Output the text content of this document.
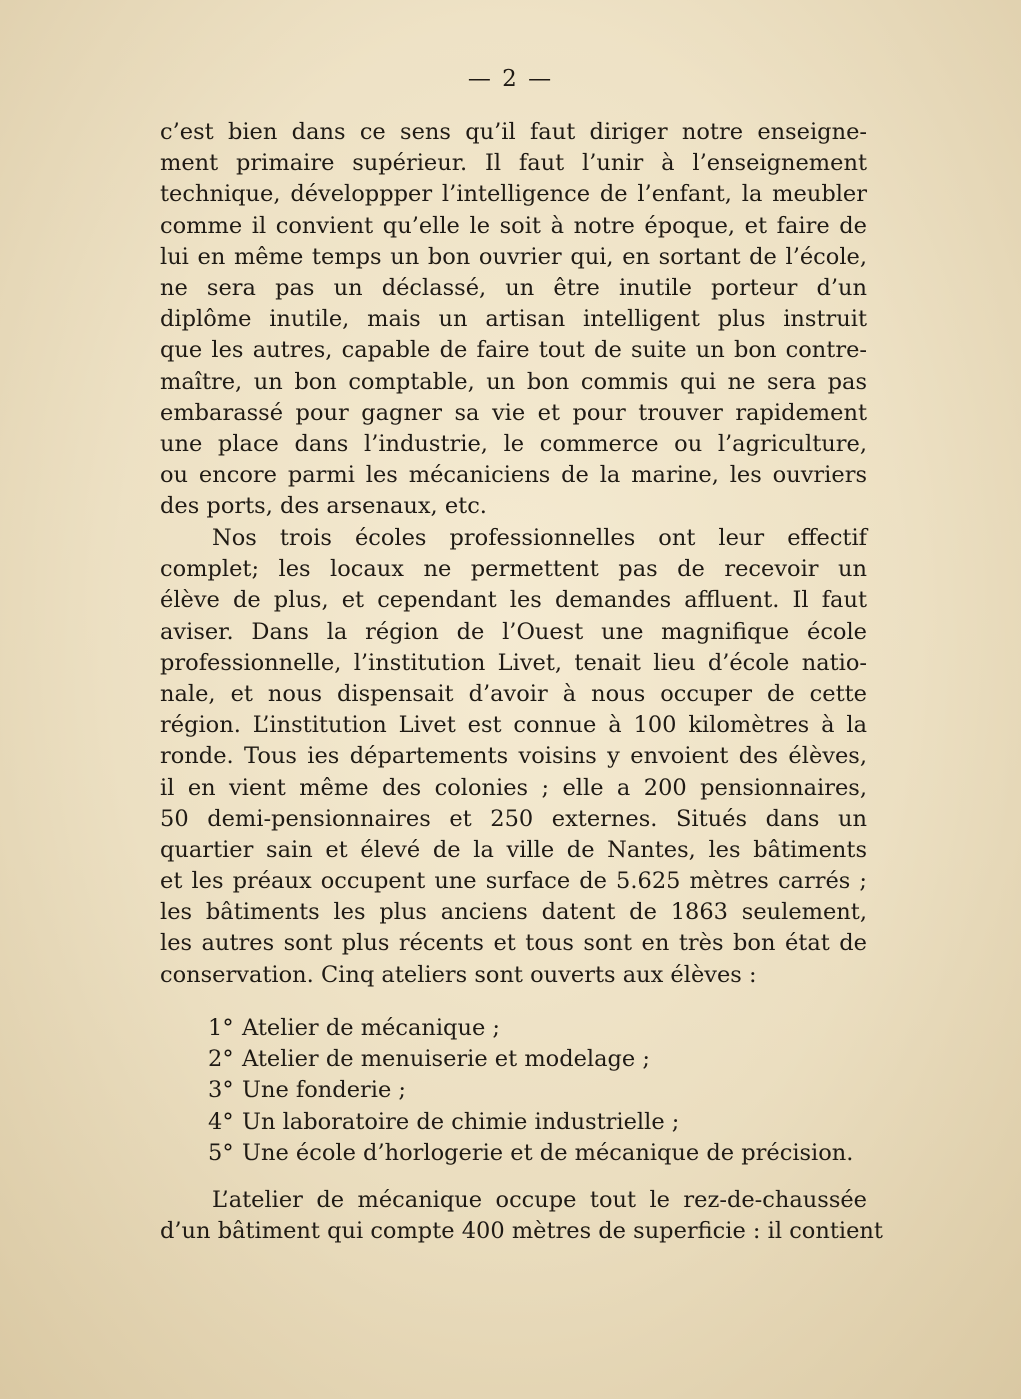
— 2 —
c’est bien dans ce sens qu’il faut diriger notre enseigne-
ment primaire supérieur. Il faut l’unir à l’enseignement
technique, développper l’intelligence de l’enfant, la meubler
comme il convient qu’elle le soit à notre époque, et faire de
lui en même temps un bon ouvrier qui, en sortant de l’école,
ne sera pas un déclassé, un être inutile porteur d’un
diplôme inutile, mais un artisan intelligent plus instruit
que les autres, capable de faire tout de suite un bon contre-
maître, un bon comptable, un bon commis qui ne sera pas
embarassé pour gagner sa vie et pour trouver rapidement
une place dans l’industrie, le commerce ou l’agriculture,
ou encore parmi les mécaniciens de la marine, les ouvriers
des ports, des arsenaux, etc.
Nos trois écoles professionnelles ont leur effectif
complet; les locaux ne permettent pas de recevoir un
élève de plus, et cependant les demandes affluent. Il faut
aviser. Dans la région de l’Ouest une magnifique école
professionnelle, l’institution Livet, tenait lieu d’école natio-
nale, et nous dispensait d’avoir à nous occuper de cette
région. L’institution Livet est connue à 100 kilomètres à la
ronde. Tous ies départements voisins y envoient des élèves,
il en vient même des colonies ; elle a 200 pensionnaires,
50 demi-pensionnaires et 250 externes. Situés dans un
quartier sain et élevé de la ville de Nantes, les bâtiments
et les préaux occupent une surface de 5.625 mètres carrés ;
les bâtiments les plus anciens datent de 1863 seulement,
les autres sont plus récents et tous sont en très bon état de
conservation. Cinq ateliers sont ouverts aux élèves :
1° Atelier de mécanique ;
2° Atelier de menuiserie et modelage ;
3° Une fonderie ;
4° Un laboratoire de chimie industrielle ;
5° Une école d’horlogerie et de mécanique de précision.
L’atelier de mécanique occupe tout le rez-de-chaussée
d’un bâtiment qui compte 400 mètres de superficie : il contient
